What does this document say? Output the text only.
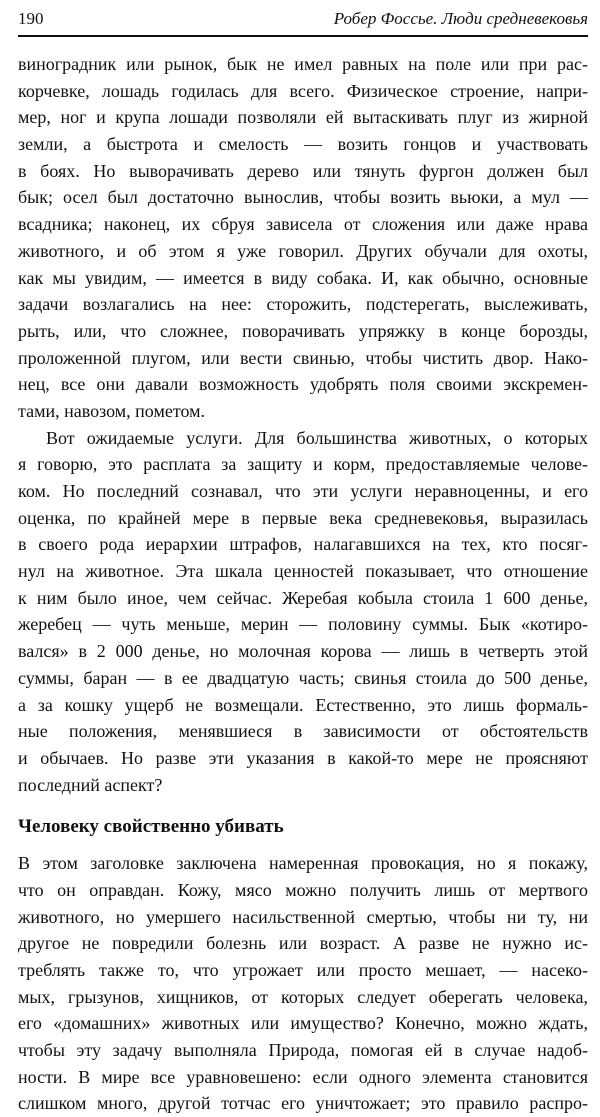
190	Робер Фоссье. Люди средневековья
виноградник или рынок, бык не имел равных на поле или при рас-
корчевке, лошадь годилась для всего. Физическое строение, напри-
мер, ног и крупа лошади позволяли ей вытаскивать плуг из жирной
земли, а быстрота и смелость — возить гонцов и участвовать
в боях. Но выворачивать дерево или тянуть фургон должен был
бык; осел был достаточно вынослив, чтобы возить вьюки, а мул —
всадника; наконец, их сбруя зависела от сложения или даже нрава
животного, и об этом я уже говорил. Других обучали для охоты,
как мы увидим, — имеется в виду собака. И, как обычно, основные
задачи возлагались на нее: сторожить, подстерегать, выслеживать,
рыть, или, что сложнее, поворачивать упряжку в конце борозды,
проложенной плугом, или вести свинью, чтобы чистить двор. Нако-
нец, все они давали возможность удобрять поля своими экскремен-
тами, навозом, пометом.
Вот ожидаемые услуги. Для большинства животных, о которых
я говорю, это расплата за защиту и корм, предоставляемые челове-
ком. Но последний сознавал, что эти услуги неравноценны, и его
оценка, по крайней мере в первые века средневековья, выразилась
в своего рода иерархии штрафов, налагавшихся на тех, кто посяг-
нул на животное. Эта шкала ценностей показывает, что отношение
к ним было иное, чем сейчас. Жеребая кобыла стоила 1 600 денье,
жеребец — чуть меньше, мерин — половину суммы. Бык «котиро-
вался» в 2 000 денье, но молочная корова — лишь в четверть этой
суммы, баран — в ее двадцатую часть; свинья стоила до 500 денье,
а за кошку ущерб не возмещали. Естественно, это лишь формаль-
ные положения, менявшиеся в зависимости от обстоятельств
и обычаев. Но разве эти указания в какой-то мере не проясняют
последний аспект?
Человеку свойственно убивать
В этом заголовке заключена намеренная провокация, но я покажу,
что он оправдан. Кожу, мясо можно получить лишь от мертвого
животного, но умершего насильственной смертью, чтобы ни ту, ни
другое не повредили болезнь или возраст. А разве не нужно ис-
треблять также то, что угрожает или просто мешает, — насеко-
мых, грызунов, хищников, от которых следует оберегать человека,
его «домашних» животных или имущество? Конечно, можно ждать,
чтобы эту задачу выполняла Природа, помогая ей в случае надоб-
ности. В мире все уравновешено: если одного элемента становится
слишком много, другой тотчас его уничтожает; это правило распро-
